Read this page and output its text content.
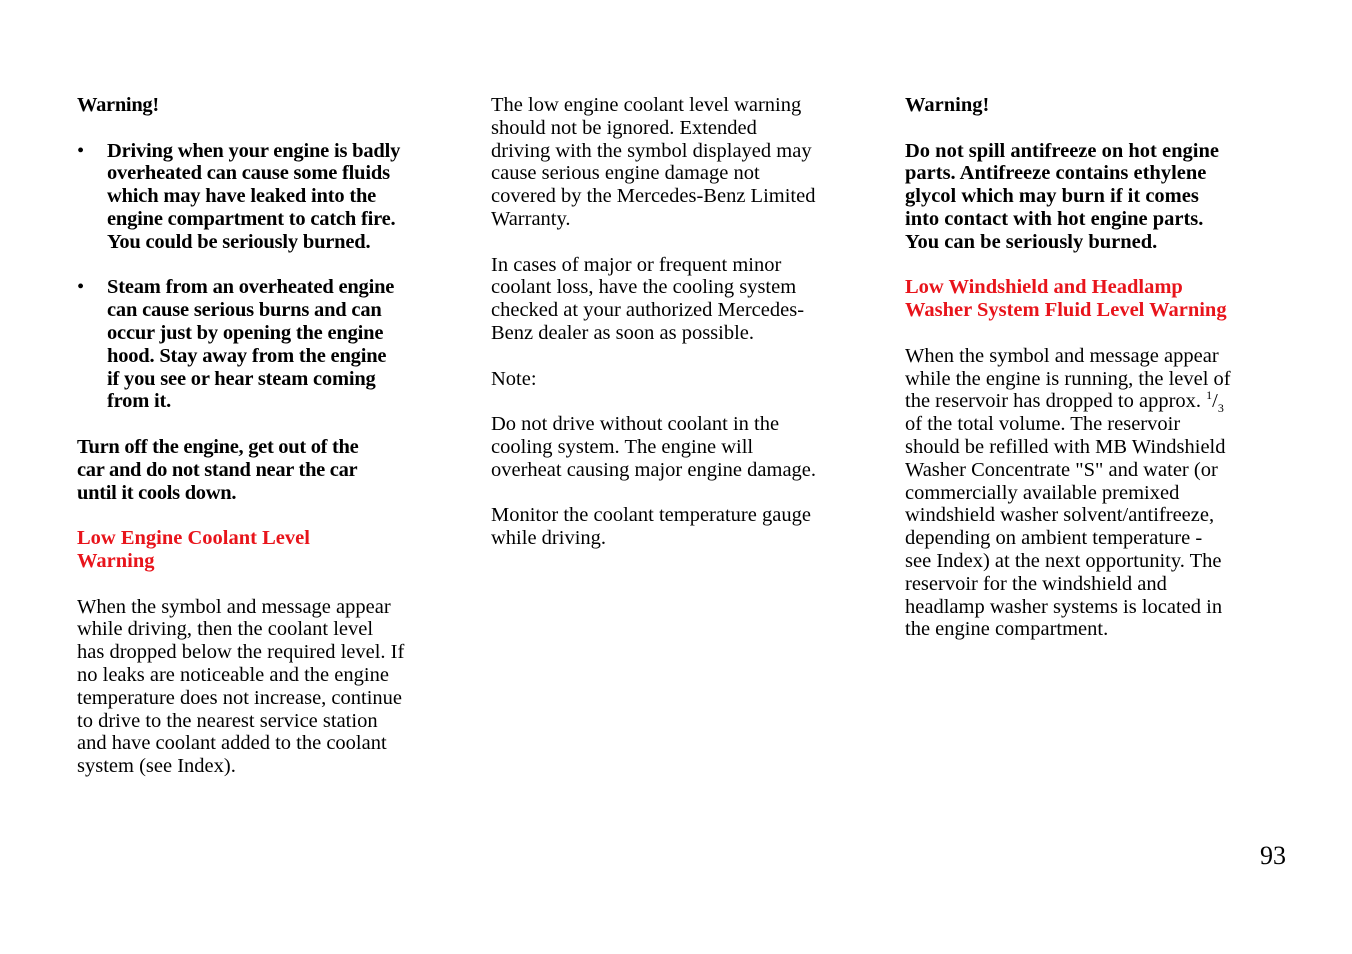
Warning!
•	Driving when your engine is badly
overheated can cause some fluids
which may have leaked into the
engine compartment to catch fire.
You could be seriously burned.
•	Steam from an overheated engine
can cause serious burns and can
occur just by opening the engine
hood. Stay away from the engine
if you see or hear steam coming
from it.
Turn off the engine, get out of the
car and do not stand near the car
until it cools down.
Low Engine Coolant Level
Warning
When the symbol and message appear
while driving, then the coolant level
has dropped below the required level. If
no leaks are noticeable and the engine
temperature does not increase, continue
to drive to the nearest service station
and have coolant added to the coolant
system (see Index).
The low engine coolant level warning
should not be ignored. Extended
driving with the symbol displayed may
cause serious engine damage not
covered by the Mercedes-Benz Limited
Warranty.
In cases of major or frequent minor
coolant loss, have the cooling system
checked at your authorized Mercedes-
Benz dealer as soon as possible.
Note:
Do not drive without coolant in the
cooling system. The engine will
overheat causing major engine damage.
Monitor the coolant temperature gauge
while driving.
Warning!
Do not spill antifreeze on hot engine
parts. Antifreeze contains ethylene
glycol which may burn if it comes
into contact with hot engine parts.
You can be seriously burned.
Low Windshield and Headlamp
Washer System Fluid Level Warning
When the symbol and message appear
while the engine is running, the level of
the reservoir has dropped to approx. $^1/_3$
of the total volume. The reservoir
should be refilled with MB Windshield
Washer Concentrate "S" and water (or
commercially available premixed
windshield washer solvent/antifreeze,
depending on ambient temperature -
see Index) at the next opportunity. The
reservoir for the windshield and
headlamp washer systems is located in
the engine compartment.
93
